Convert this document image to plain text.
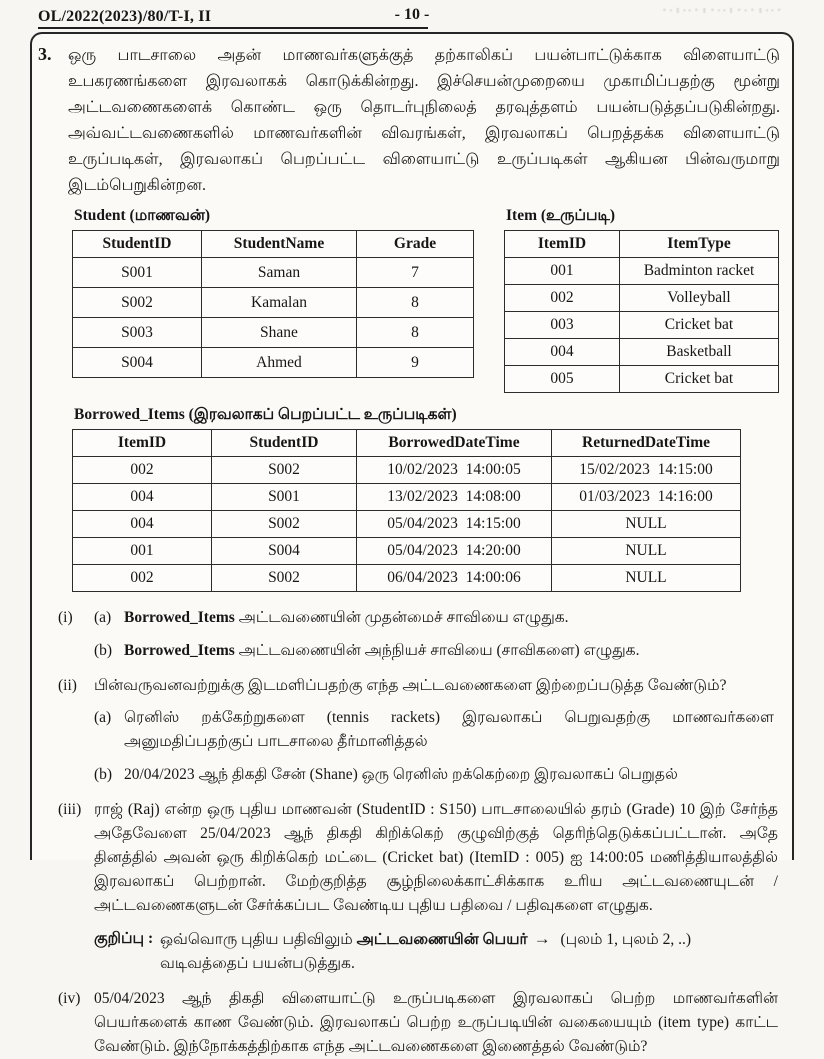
OL/2022(2023)/80/T-I, II	- 10 -	᛫·᛬··᛫᛬᛫··᛬᛫·᛫᛬··᛫
3.	ஒரு பாடசாலை அதன் மாணவர்களுக்குத் தற்காலிகப் பயன்பாட்டுக்காக விளையாட்டு உபகரணங்களை இரவலாகக் கொடுக்கின்றது. இச்செயன்முறையை முகாமிப்பதற்கு மூன்று அட்டவணைகளைக் கொண்ட ஒரு தொடர்புநிலைத் தரவுத்தளம் பயன்படுத்தப்படுகின்றது. அவ்வட்டவணைகளில் மாணவர்களின் விவரங்கள், இரவலாகப் பெறத்தக்க விளையாட்டு உருப்படிகள், இரவலாகப் பெறப்பட்ட விளையாட்டு உருப்படிகள் ஆகியன பின்வருமாறு இடம்பெறுகின்றன.
Student (மாணவன்)
StudentID	StudentName	Grade
S001	Saman	7
S002	Kamalan	8
S003	Shane	8
S004	Ahmed	9
Item (உருப்படி)
ItemID	ItemType
001	Badminton racket
002	Volleyball
003	Cricket bat
004	Basketball
005	Cricket bat
Borrowed_Items (இரவலாகப் பெறப்பட்ட உருப்படிகள்)
ItemID	StudentID	BorrowedDateTime	ReturnedDateTime
002	S002	10/02/2023  14:00:05	15/02/2023  14:15:00
004	S001	13/02/2023  14:08:00	01/03/2023  14:16:00
004	S002	05/04/2023  14:15:00	NULL
001	S004	05/04/2023  14:20:00	NULL
002	S002	06/04/2023  14:00:06	NULL
(i)	(a) Borrowed_Items அட்டவணையின் முதன்மைச் சாவியை எழுதுக.
(b) Borrowed_Items அட்டவணையின் அந்நியச் சாவியை (சாவிகளை) எழுதுக.
(ii)	பின்வருவனவற்றுக்கு இடமளிப்பதற்கு எந்த அட்டவணைகளை இற்றைப்படுத்த வேண்டும்?
(a) ரெனிஸ் றக்கேற்றுகளை (tennis rackets) இரவலாகப் பெறுவதற்கு மாணவர்களை அனுமதிப்பதற்குப் பாடசாலை தீர்மானித்தல்
(b) 20/04/2023 ஆந் திகதி சேன் (Shane) ஒரு ரெனிஸ் றக்கெற்றை இரவலாகப் பெறுதல்
(iii) ராஜ் (Raj) என்ற ஒரு புதிய மாணவன் (StudentID : S150) பாடசாலையில் தரம் (Grade) 10 இற் சேர்ந்த அதேவேளை 25/04/2023 ஆந் திகதி கிறிக்கெற் குழுவிற்குத் தெரிந்தெடுக்கப்பட்டான். அதே தினத்தில் அவன் ஒரு கிறிக்கெற் மட்டை (Cricket bat) (ItemID : 005) ஐ 14:00:05 மணித்தியாலத்தில் இரவலாகப் பெற்றான். மேற்குறித்த சூழ்நிலைக்காட்சிக்காக உரிய அட்டவணையுடன் / அட்டவணைகளுடன் சேர்க்கப்பட வேண்டிய புதிய பதிவை / பதிவுகளை எழுதுக.
குறிப்பு : ஒவ்வொரு புதிய பதிவிலும் அட்டவணையின் பெயர் → (புலம் 1, புலம் 2, ..) வடிவத்தைப் பயன்படுத்துக.
(iv) 05/04/2023 ஆந் திகதி விளையாட்டு உருப்படிகளை இரவலாகப் பெற்ற மாணவர்களின் பெயர்களைக் காண வேண்டும். இரவலாகப் பெற்ற உருப்படியின் வகையையும் (item type) காட்ட வேண்டும். இந்நோக்கத்திற்காக எந்த அட்டவணைகளை இணைத்தல் வேண்டும்?
